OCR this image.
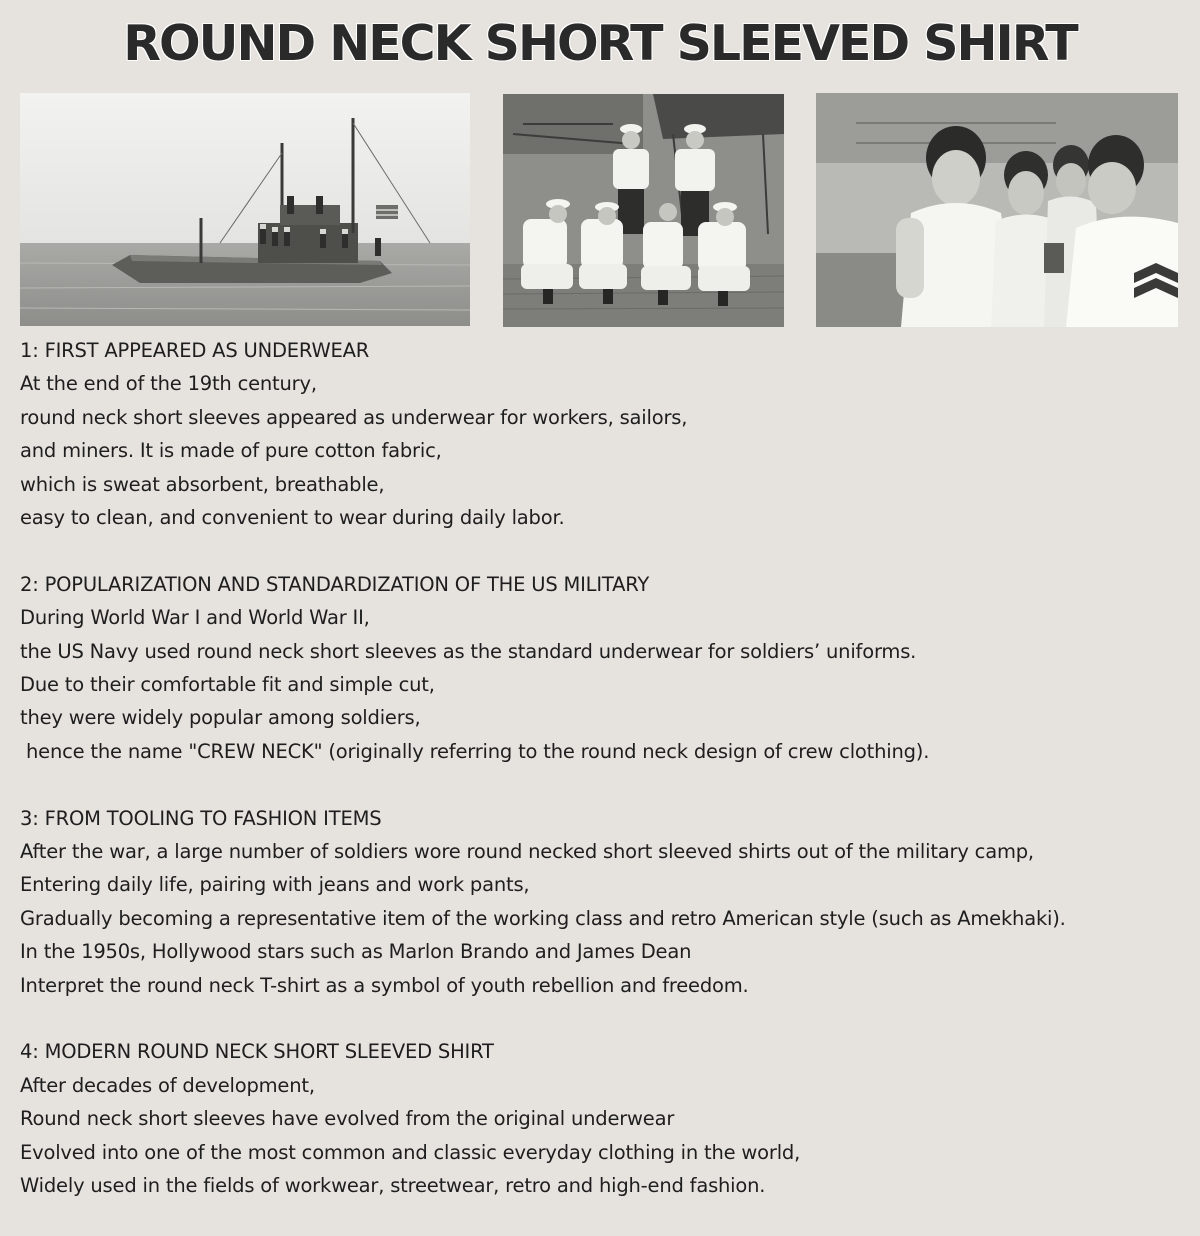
ROUND NECK SHORT SLEEVED SHIRT
1: FIRST APPEARED AS UNDERWEAR
At the end of the 19th century,
round neck short sleeves appeared as underwear for workers, sailors,
and miners. It is made of pure cotton fabric,
which is sweat absorbent, breathable,
easy to clean, and convenient to wear during daily labor.
2: POPULARIZATION AND STANDARDIZATION OF THE US MILITARY
During World War I and World War II,
the US Navy used round neck short sleeves as the standard underwear for soldiers’ uniforms.
Due to their comfortable fit and simple cut,
they were widely popular among soldiers,
hence the name "CREW NECK" (originally referring to the round neck design of crew clothing).
3: FROM TOOLING TO FASHION ITEMS
After the war, a large number of soldiers wore round necked short sleeved shirts out of the military camp,
Entering daily life, pairing with jeans and work pants,
Gradually becoming a representative item of the working class and retro American style (such as Amekhaki).
In the 1950s, Hollywood stars such as Marlon Brando and James Dean
Interpret the round neck T-shirt as a symbol of youth rebellion and freedom.
4: MODERN ROUND NECK SHORT SLEEVED SHIRT
After decades of development,
Round neck short sleeves have evolved from the original underwear
Evolved into one of the most common and classic everyday clothing in the world,
Widely used in the fields of workwear, streetwear, retro and high-end fashion.
